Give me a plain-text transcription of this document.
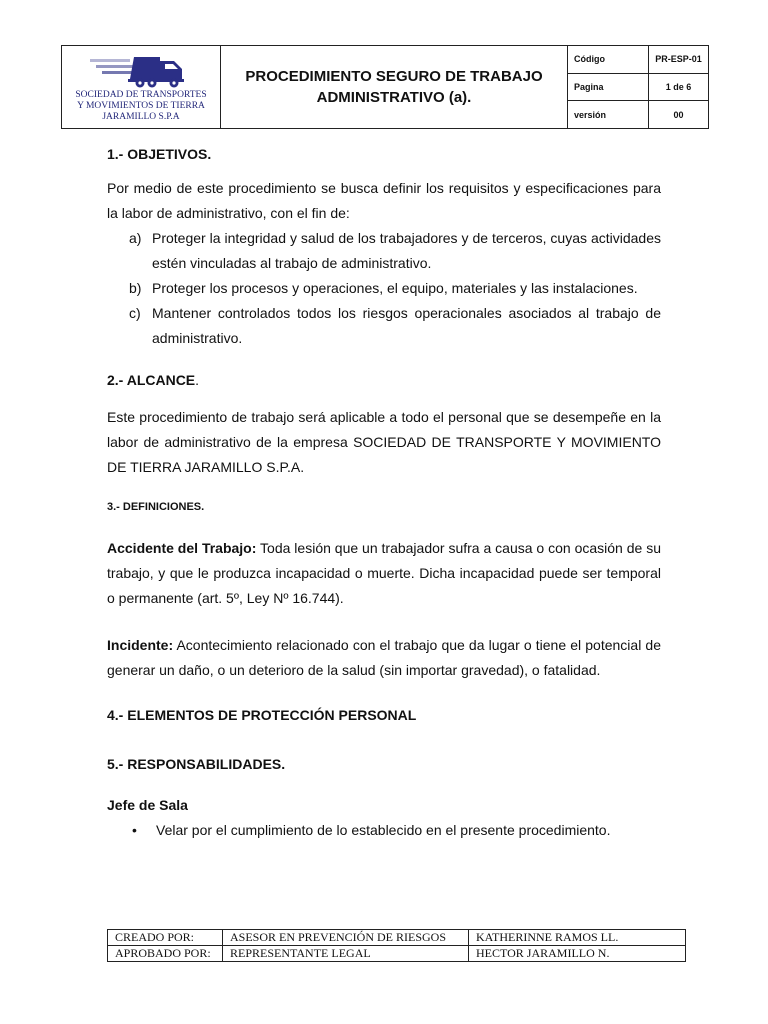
SOCIEDAD DE TRANSPORTES
Y MOVIMIENTOS DE TIERRA
JARAMILLO S.P.A
PROCEDIMIENTO SEGURO DE TRABAJO
ADMINISTRATIVO (a).
Código	PR-ESP-01
Pagina	1 de 6
versión	00
1.- OBJETIVOS.

Por medio de este procedimiento se busca definir los requisitos y especificaciones para la labor de administrativo, con el fin de:

a) Proteger la integridad y salud de los trabajadores y de terceros, cuyas actividades estén vinculadas al trabajo de administrativo.
b) Proteger los procesos y operaciones, el equipo, materiales y las instalaciones.
c) Mantener controlados todos los riesgos operacionales asociados al trabajo de administrativo.
2.- ALCANCE.

Este procedimiento de trabajo será aplicable a todo el personal que se desempeñe en la labor de administrativo de la empresa SOCIEDAD DE TRANSPORTE Y MOVIMIENTO DE TIERRA JARAMILLO S.P.A.

3.- DEFINICIONES.

Accidente del Trabajo: Toda lesión que un trabajador sufra a causa o con ocasión de su trabajo, y que le produzca incapacidad o muerte. Dicha incapacidad puede ser temporal o permanente (art. 5º, Ley Nº 16.744).

Incidente: Acontecimiento relacionado con el trabajo que da lugar o tiene el potencial de generar un daño, o un deterioro de la salud (sin importar gravedad), o fatalidad.

4.- ELEMENTOS DE PROTECCIÓN PERSONAL
5.- RESPONSABILIDADES.
Jefe de Sala
• Velar por el cumplimiento de lo establecido en el presente procedimiento.
CREADO POR:	ASESOR EN PREVENCIÓN DE RIESGOS	KATHERINNE RAMOS LL.
APROBADO POR:	REPRESENTANTE LEGAL	HECTOR JARAMILLO N.
